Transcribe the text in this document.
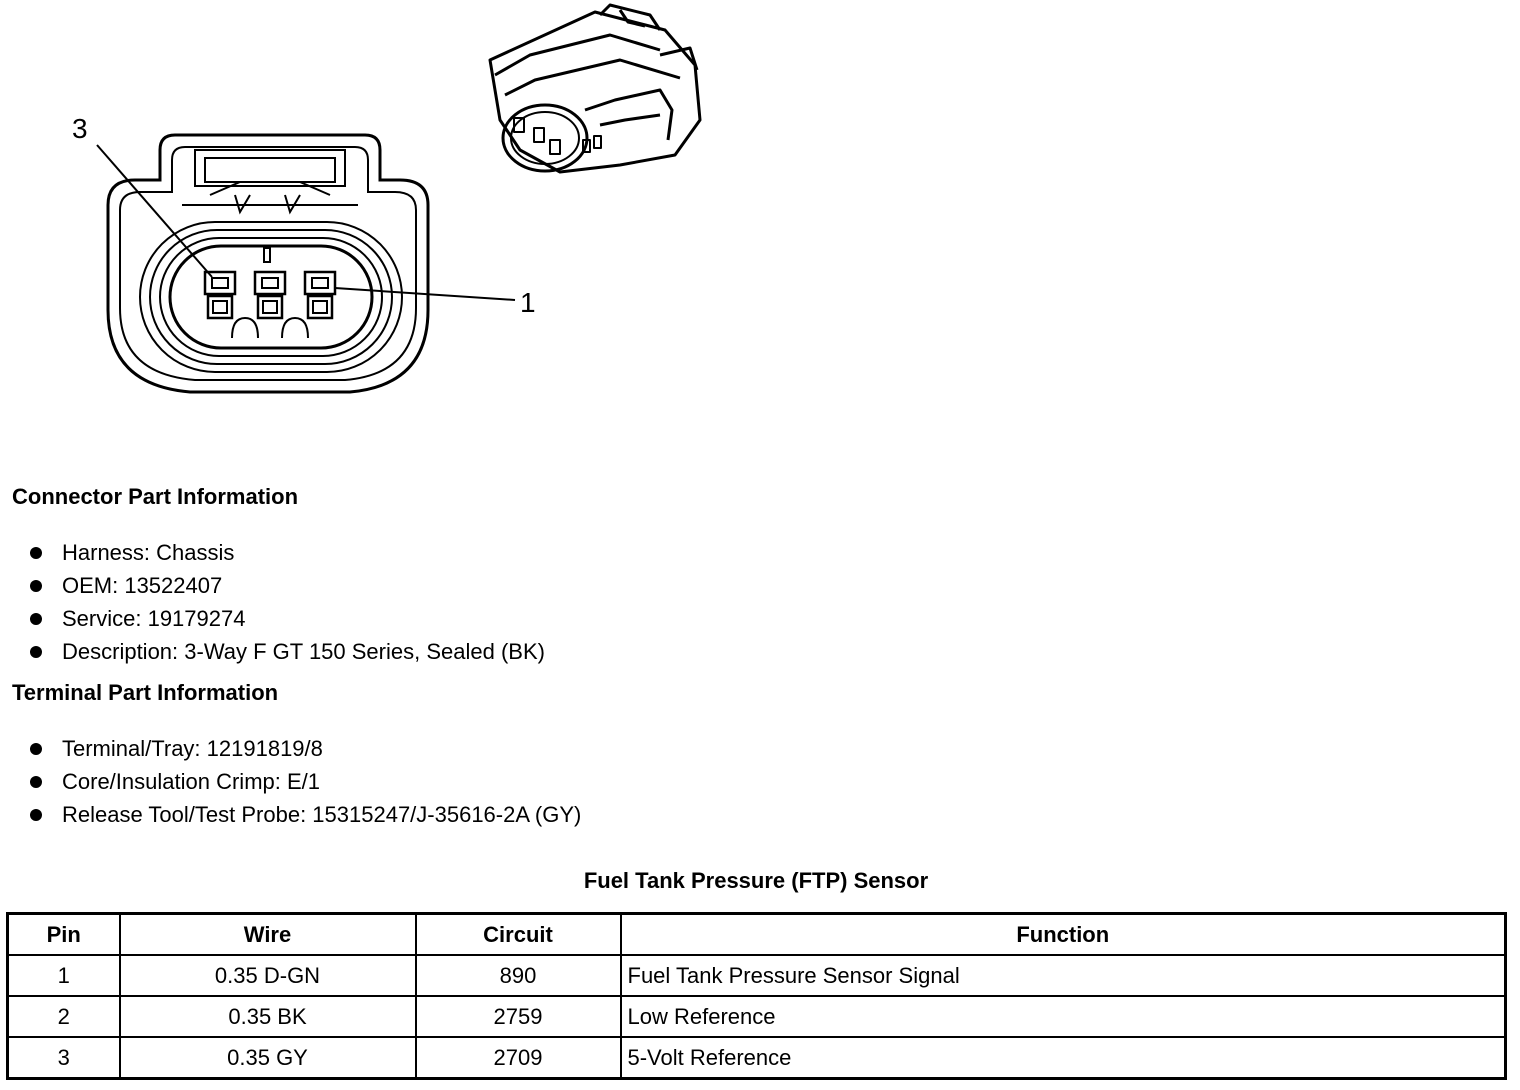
3
1
Connector Part Information
Harness: Chassis
OEM: 13522407
Service: 19179274
Description: 3-Way F GT 150 Series, Sealed (BK)
Terminal Part Information
Terminal/Tray: 12191819/8
Core/Insulation Crimp: E/1
Release Tool/Test Probe: 15315247/J-35616-2A (GY)
Fuel Tank Pressure (FTP) Sensor
Pin	Wire	Circuit	Function
1	0.35 D-GN	890	Fuel Tank Pressure Sensor Signal
2	0.35 BK	2759	Low Reference
3	0.35 GY	2709	5-Volt Reference
